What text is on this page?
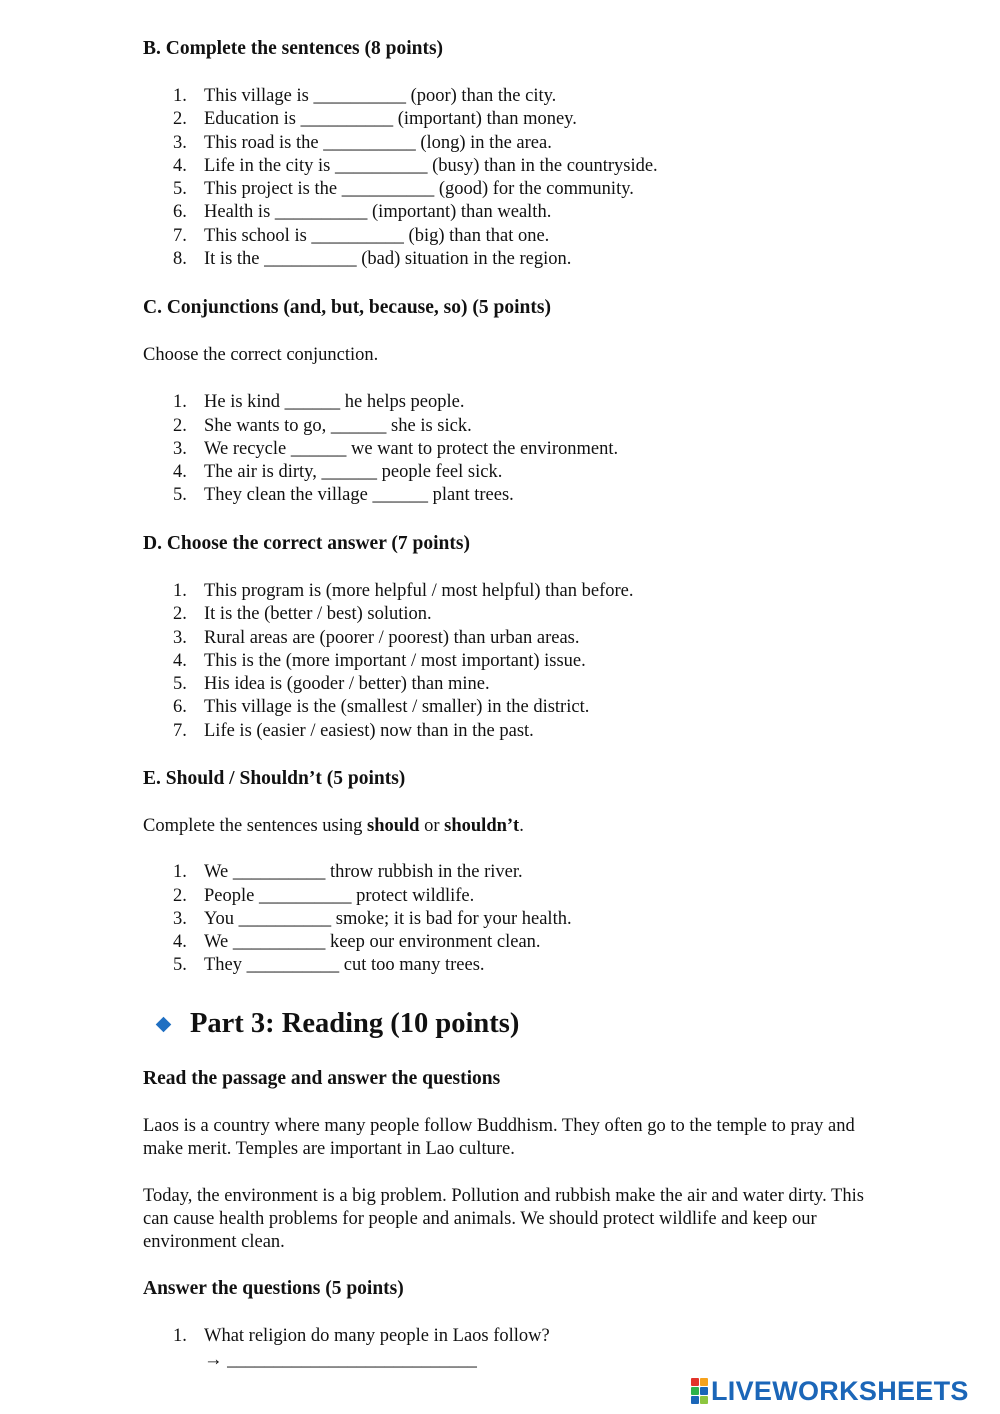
B. Complete the sentences (8 points)
1. This village is __________ (poor) than the city.
2. Education is __________ (important) than money.
3. This road is the __________ (long) in the area.
4. Life in the city is __________ (busy) than in the countryside.
5. This project is the __________ (good) for the community.
6. Health is __________ (important) than wealth.
7. This school is __________ (big) than that one.
8. It is the __________ (bad) situation in the region.
C. Conjunctions (and, but, because, so) (5 points)

Choose the correct conjunction.

1. He is kind ______ he helps people.
2. She wants to go, ______ she is sick.
3. We recycle ______ we want to protect the environment.
4. The air is dirty, ______ people feel sick.
5. They clean the village ______ plant trees.
D. Choose the correct answer (7 points)
1. This program is (more helpful / most helpful) than before.
2. It is the (better / best) solution.
3. Rural areas are (poorer / poorest) than urban areas.
4. This is the (more important / most important) issue.
5. His idea is (gooder / better) than mine.
6. This village is the (smallest / smaller) in the district.
7. Life is (easier / easiest) now than in the past.
E. Should / Shouldn’t (5 points)

Complete the sentences using should or shouldn’t.

1. We __________ throw rubbish in the river.
2. People __________ protect wildlife.
3. You __________ smoke; it is bad for your health.
4. We __________ keep our environment clean.
5. They __________ cut too many trees.
Part 3: Reading (10 points)
Read the passage and answer the questions

Laos is a country where many people follow Buddhism. They often go to the temple to pray and make merit. Temples are important in Lao culture.

Today, the environment is a big problem. Pollution and rubbish make the air and water dirty. This can cause health problems for people and animals. We should protect wildlife and keep our environment clean.

Answer the questions (5 points)
1. What religion do many people in Laos follow?
→ ___________________________
LIVEWORKSHEETS
